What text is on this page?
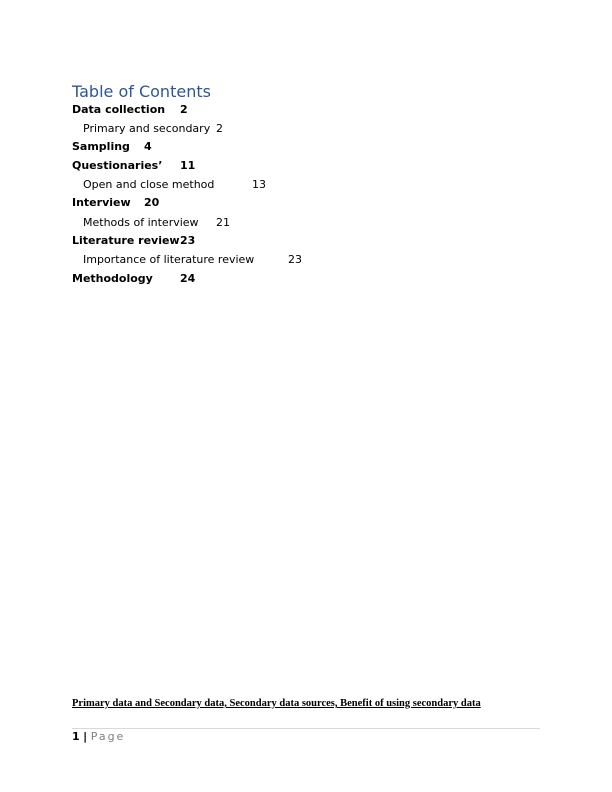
Table of Contents
Data collection 2
Primary and secondary 2
Sampling 4
Questionaries’ 11
Open and close method	13
Interview 20
Methods of interview 21
Literature review 23
Importance of literature review	23
Methodology 24
Primary data and Secondary data, Secondary data sources, Benefit of using secondary data
1 | Page
